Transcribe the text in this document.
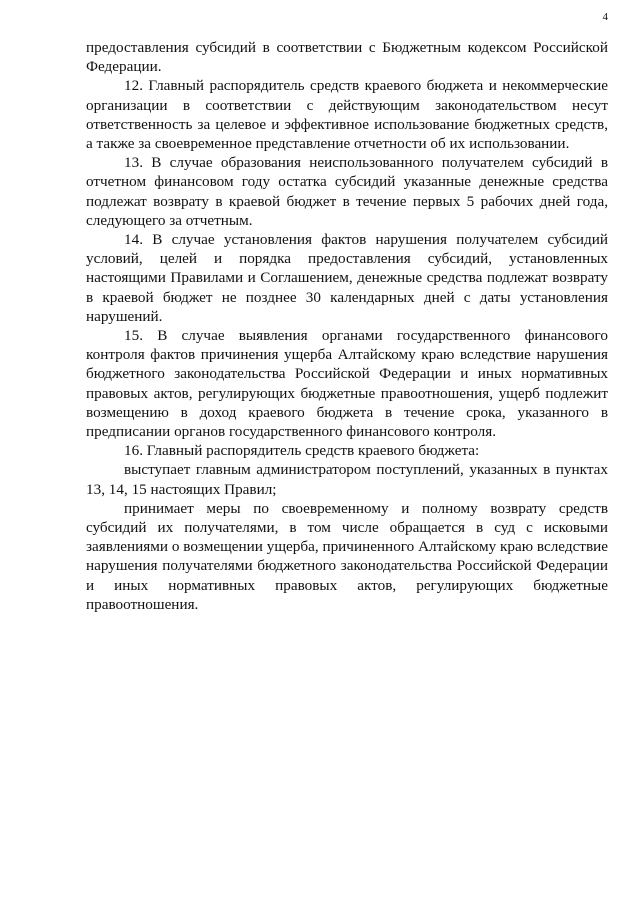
4

предоставления субсидий в соответствии с Бюджетным кодексом Российской Федерации.

12. Главный распорядитель средств краевого бюджета и некоммерческие организации в соответствии с действующим законодательством несут ответственность за целевое и эффективное использование бюджетных средств, а также за своевременное представление отчетности об их использовании.

13. В случае образования неиспользованного получателем субсидий в отчетном финансовом году остатка субсидий указанные денежные средства подлежат возврату в краевой бюджет в течение первых 5 рабочих дней года, следующего за отчетным.

14. В случае установления фактов нарушения получателем субсидий условий, целей и порядка предоставления субсидий, установленных настоящими Правилами и Соглашением, денежные средства подлежат возврату в краевой бюджет не позднее 30 календарных дней с даты установления нарушений.

15. В случае выявления органами государственного финансового контроля фактов причинения ущерба Алтайскому краю вследствие нарушения бюджетного законодательства Российской Федерации и иных нормативных правовых актов, регулирующих бюджетные правоотношения, ущерб подлежит возмещению в доход краевого бюджета в течение срока, указанного в предписании органов государственного финансового контроля.

16. Главный распорядитель средств краевого бюджета:

выступает главным администратором поступлений, указанных в пунктах 13, 14, 15 настоящих Правил;

принимает меры по своевременному и полному возврату средств субсидий их получателями, в том числе обращается в суд с исковыми заявлениями о возмещении ущерба, причиненного Алтайскому краю вследствие нарушения получателями бюджетного законодательства Российской Федерации и иных нормативных правовых актов, регулирующих бюджетные правоотношения.
